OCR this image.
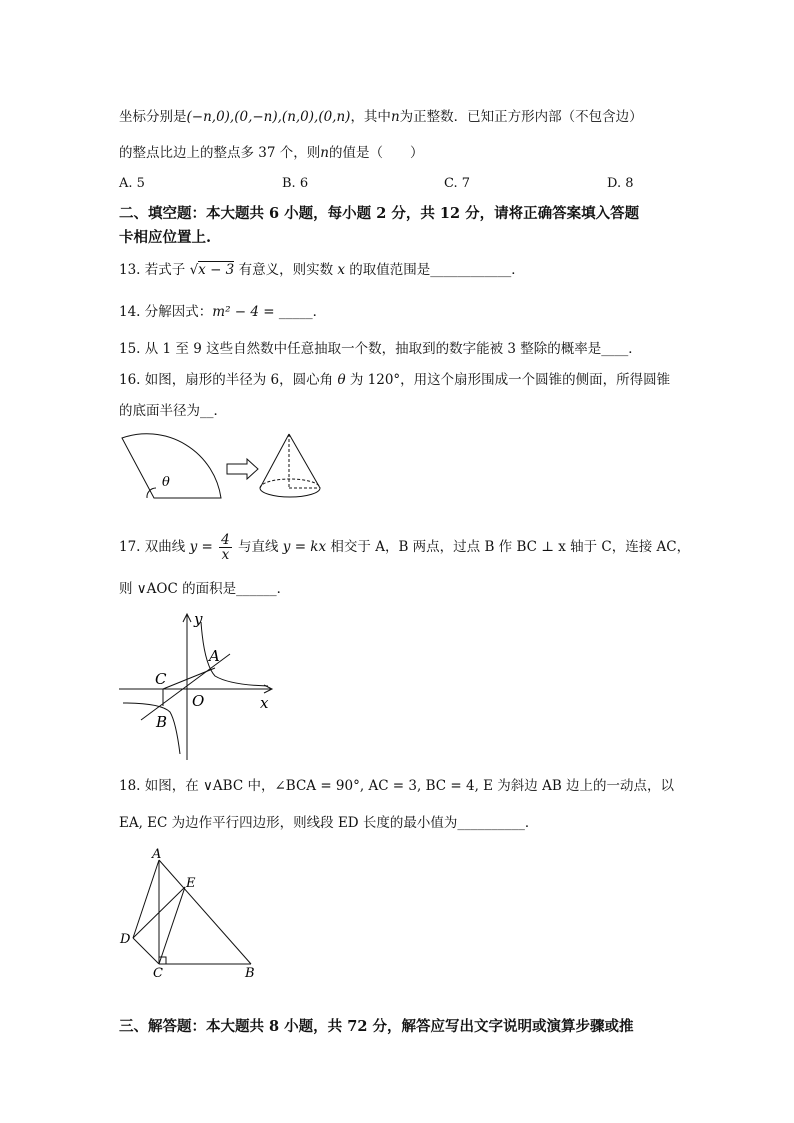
坐标分别是(−n,0),(0,−n),(n,0),(0,n)，其中n为正整数．已知正方形内部（不包含边）
的整点比边上的整点多 37 个，则n的值是（　　）
A. 5	B. 6	C. 7	D. 8
二、填空题：本大题共 6 小题，每小题 2 分，共 12 分，请将正确答案填入答题
卡相应位置上.
13. 若式子 √x − 3 有意义，则实数 x 的取值范围是____________．
14. 分解因式：m² − 4 = _____．
15. 从 1 至 9 这些自然数中任意抽取一个数，抽取到的数字能被 3 整除的概率是____．
16. 如图，扇形的半径为 6，圆心角 θ 为 120°，用这个扇形围成一个圆锥的侧面，所得圆锥
的底面半径为__．
θ
17. 双曲线 $y = \frac{4}{x}$ 与直线 y = kx 相交于 A，B 两点，过点 B 作 BC ⊥ x 轴于 C，连接 AC，
则 ∨AOC 的面积是______．
y
A
C
O	x
B
18. 如图，在 ∨ABC 中，∠BCA = 90°, AC = 3, BC = 4, E 为斜边 AB 边上的一动点，以
EA, EC 为边作平行四边形，则线段 ED 长度的最小值为__________．
A
E
D
C	B
三、解答题：本大题共 8 小题，共 72 分，解答应写出文字说明或演算步骤或推
